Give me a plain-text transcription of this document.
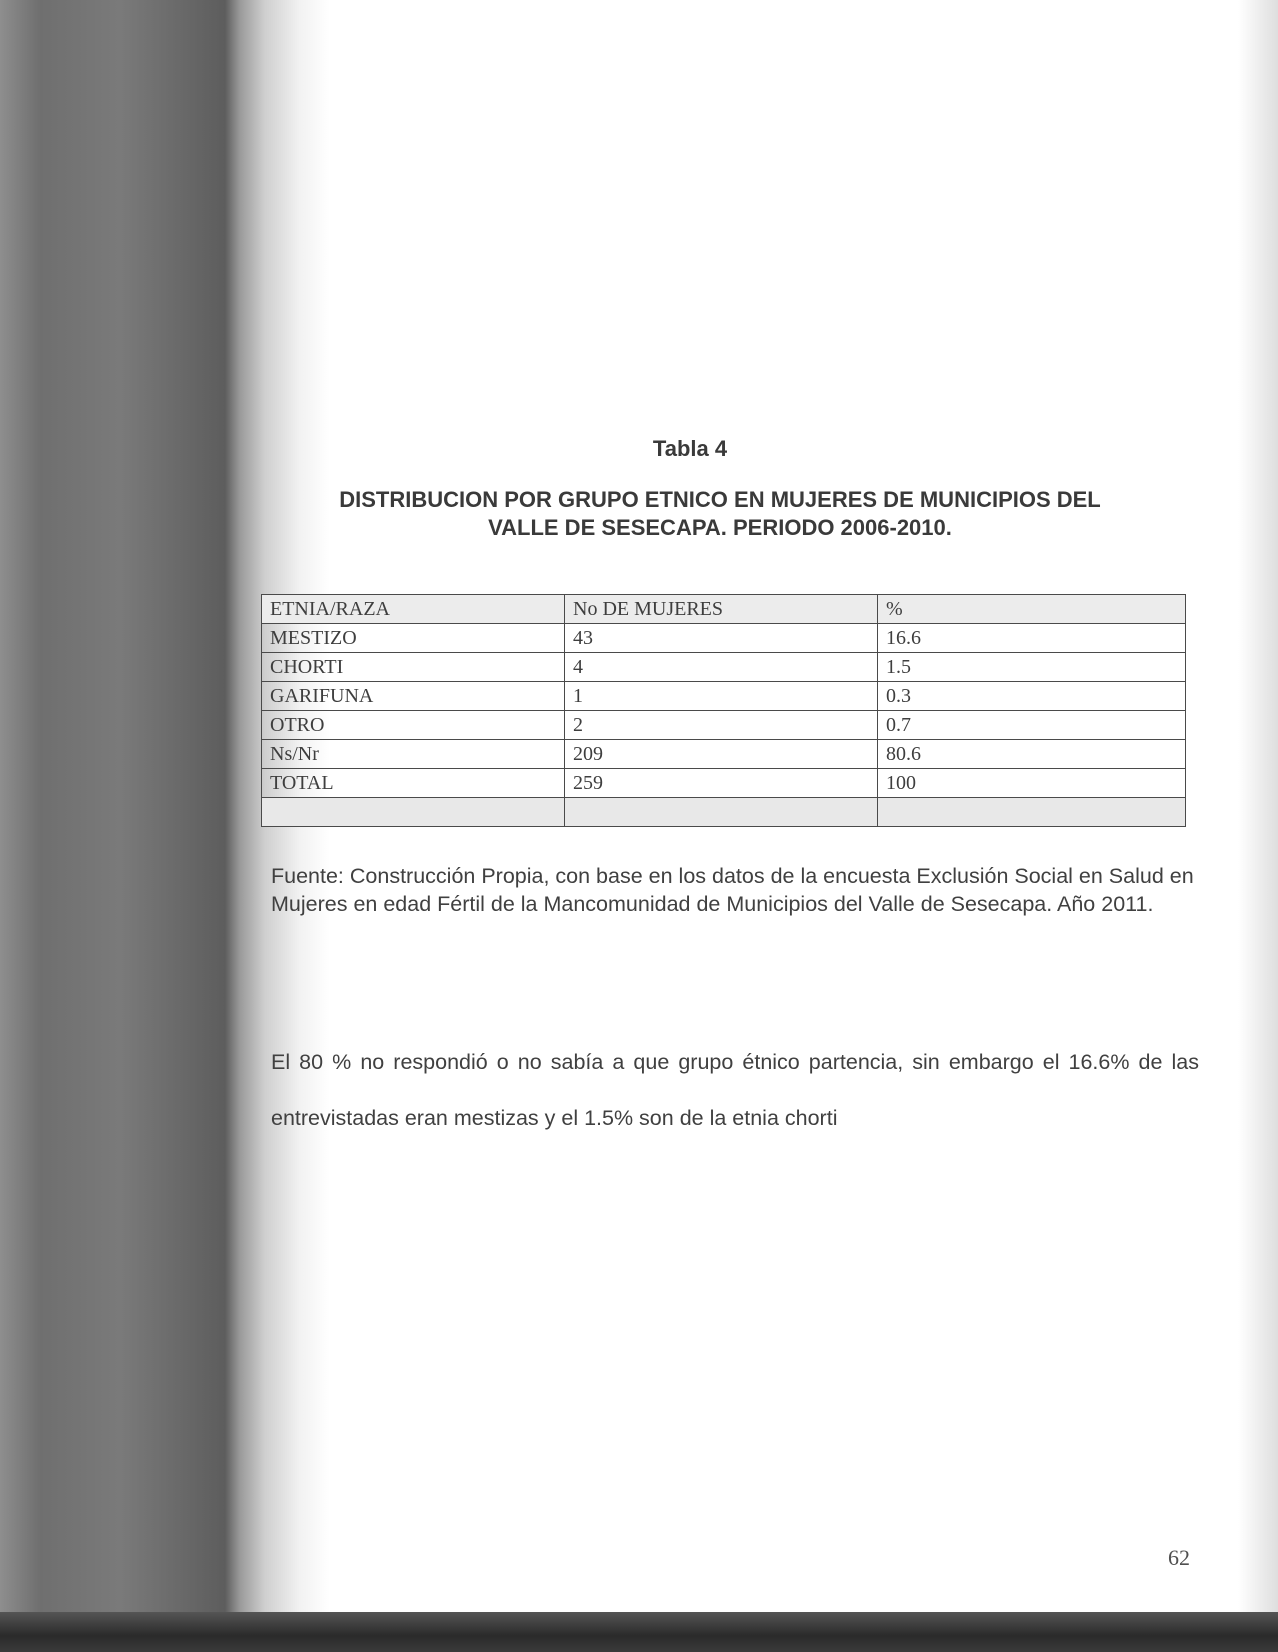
Tabla 4
DISTRIBUCION POR GRUPO ETNICO EN MUJERES DE MUNICIPIOS DEL
VALLE DE SESECAPA. PERIODO 2006-2010.
ETNIA/RAZA	No DE MUJERES	%
MESTIZO	43	16.6
CHORTI	4	1.5
GARIFUNA	1	0.3
OTRO	2	0.7
Ns/Nr	209	80.6
TOTAL	259	100

Fuente: Construcción Propia, con base en los datos de la encuesta Exclusión Social en Salud en Mujeres en edad Fértil de la Mancomunidad de Municipios del Valle de Sesecapa. Año 2011.
El 80 % no respondió o no sabía a que grupo étnico partencia, sin embargo el 16.6% de las entrevistadas eran mestizas y el 1.5% son de la etnia chorti
62
